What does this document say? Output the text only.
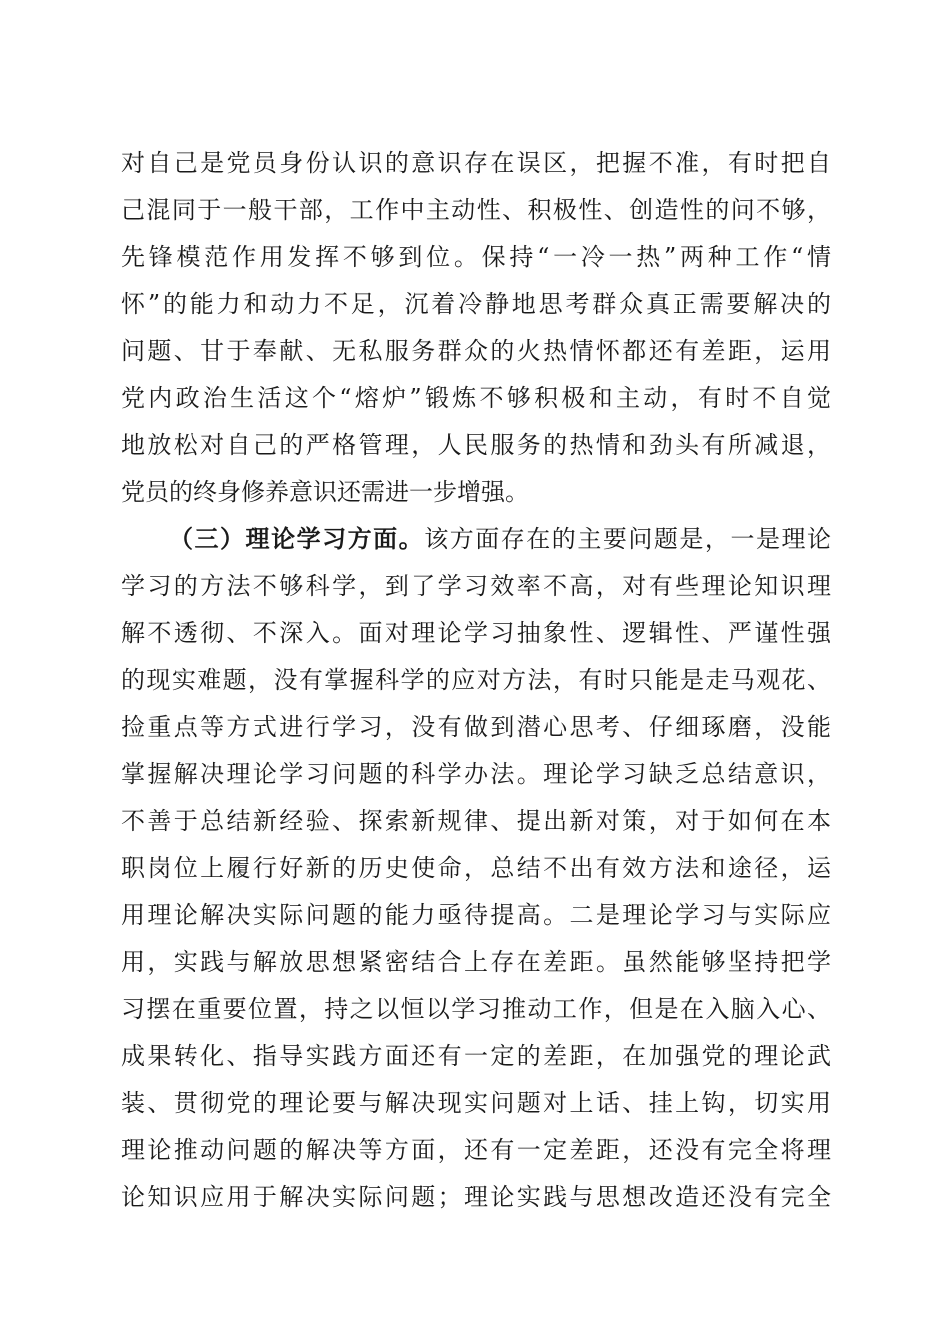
对自己是党员身份认识的意识存在误区，把握不准，有时把自
己混同于一般干部，工作中主动性、积极性、创造性的问不够，
先锋模范作用发挥不够到位。保持“一冷一热”两种工作“情
怀”的能力和动力不足，沉着冷静地思考群众真正需要解决的
问题、甘于奉献、无私服务群众的火热情怀都还有差距，运用
党内政治生活这个“熔炉”锻炼不够积极和主动，有时不自觉
地放松对自己的严格管理，人民服务的热情和劲头有所减退，
党员的终身修养意识还需进一步增强。
（三）理论学习方面。该方面存在的主要问题是，一是理论
学习的方法不够科学，到了学习效率不高，对有些理论知识理
解不透彻、不深入。面对理论学习抽象性、逻辑性、严谨性强
的现实难题，没有掌握科学的应对方法，有时只能是走马观花、
捡重点等方式进行学习，没有做到潜心思考、仔细琢磨，没能
掌握解决理论学习问题的科学办法。理论学习缺乏总结意识，
不善于总结新经验、探索新规律、提出新对策，对于如何在本
职岗位上履行好新的历史使命，总结不出有效方法和途径，运
用理论解决实际问题的能力亟待提高。二是理论学习与实际应
用，实践与解放思想紧密结合上存在差距。虽然能够坚持把学
习摆在重要位置，持之以恒以学习推动工作，但是在入脑入心、
成果转化、指导实践方面还有一定的差距，在加强党的理论武
装、贯彻党的理论要与解决现实问题对上话、挂上钩，切实用
理论推动问题的解决等方面，还有一定差距，还没有完全将理
论知识应用于解决实际问题；理论实践与思想改造还没有完全
